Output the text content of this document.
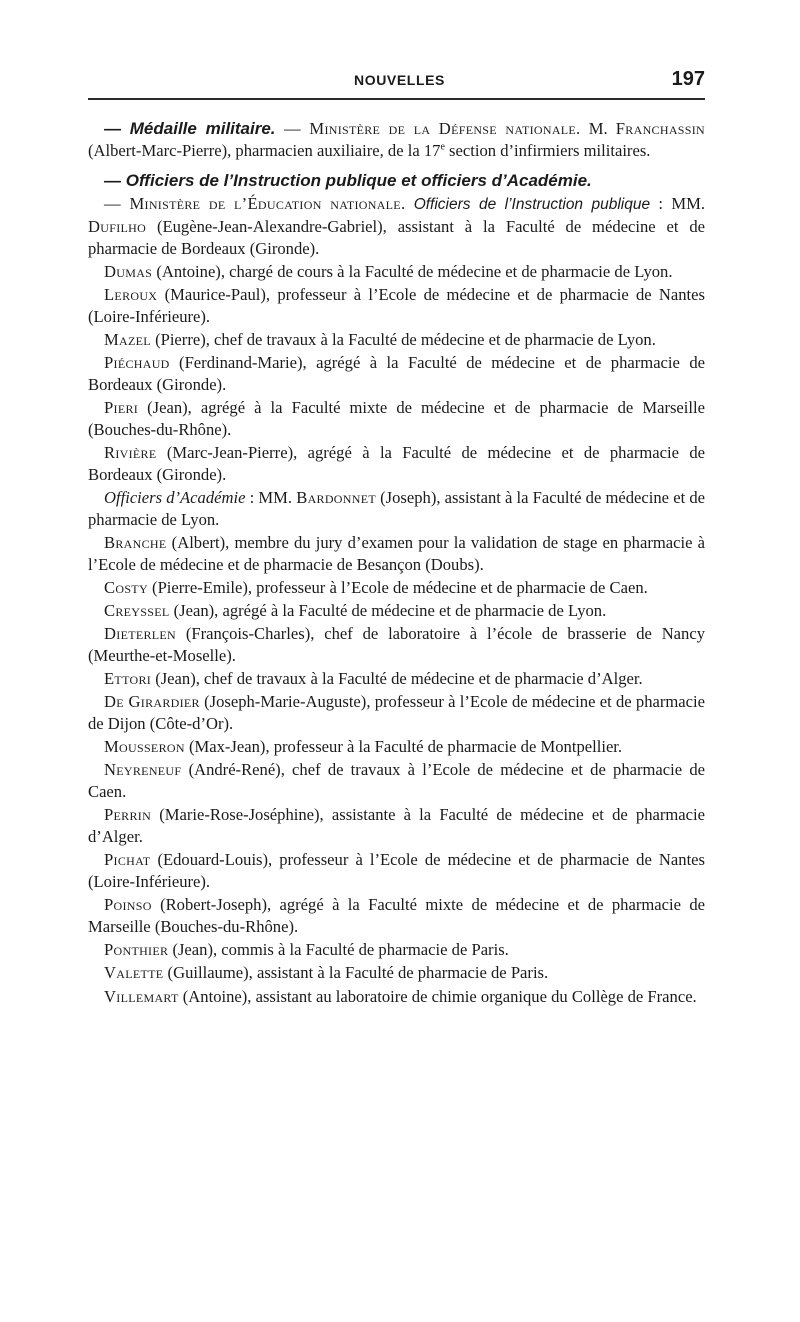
NOUVELLES	197

— Médaille militaire. — Ministère de la Défense nationale. M. Franchassin (Albert-Marc-Pierre), pharmacien auxiliaire, de la 17e section d’infirmiers militaires.

— Officiers de l’Instruction publique et officiers d’Académie.

— Ministère de l’Éducation nationale. Officiers de l’Instruction publique : MM. Dufilho (Eugène-Jean-Alexandre-Gabriel), assistant à la Faculté de médecine et de pharmacie de Bordeaux (Gironde).

Dumas (Antoine), chargé de cours à la Faculté de médecine et de pharmacie de Lyon.

Leroux (Maurice-Paul), professeur à l’Ecole de médecine et de pharmacie de Nantes (Loire-Inférieure).

Mazel (Pierre), chef de travaux à la Faculté de médecine et de pharmacie de Lyon.

Piéchaud (Ferdinand-Marie), agrégé à la Faculté de médecine et de pharmacie de Bordeaux (Gironde).

Pieri (Jean), agrégé à la Faculté mixte de médecine et de pharmacie de Marseille (Bouches-du-Rhône).

Rivière (Marc-Jean-Pierre), agrégé à la Faculté de médecine et de pharmacie de Bordeaux (Gironde).

Officiers d’Académie : MM. Bardonnet (Joseph), assistant à la Faculté de médecine et de pharmacie de Lyon.

Branche (Albert), membre du jury d’examen pour la validation de stage en pharmacie à l’Ecole de médecine et de pharmacie de Besançon (Doubs).

Costy (Pierre-Emile), professeur à l’Ecole de médecine et de pharmacie de Caen.

Creyssel (Jean), agrégé à la Faculté de médecine et de pharmacie de Lyon.

Dieterlen (François-Charles), chef de laboratoire à l’école de brasserie de Nancy (Meurthe-et-Moselle).

Ettori (Jean), chef de travaux à la Faculté de médecine et de pharmacie d’Alger.

De Girardier (Joseph-Marie-Auguste), professeur à l’Ecole de médecine et de pharmacie de Dijon (Côte-d’Or).

Mousseron (Max-Jean), professeur à la Faculté de pharmacie de Montpellier.

Neyreneuf (André-René), chef de travaux à l’Ecole de médecine et de pharmacie de Caen.

Perrin (Marie-Rose-Joséphine), assistante à la Faculté de médecine et de pharmacie d’Alger.

Pichat (Edouard-Louis), professeur à l’Ecole de médecine et de pharmacie de Nantes (Loire-Inférieure).

Poinso (Robert-Joseph), agrégé à la Faculté mixte de médecine et de pharmacie de Marseille (Bouches-du-Rhône).

Ponthier (Jean), commis à la Faculté de pharmacie de Paris.

Valette (Guillaume), assistant à la Faculté de pharmacie de Paris.

Villemart (Antoine), assistant au laboratoire de chimie organique du Collège de France.
